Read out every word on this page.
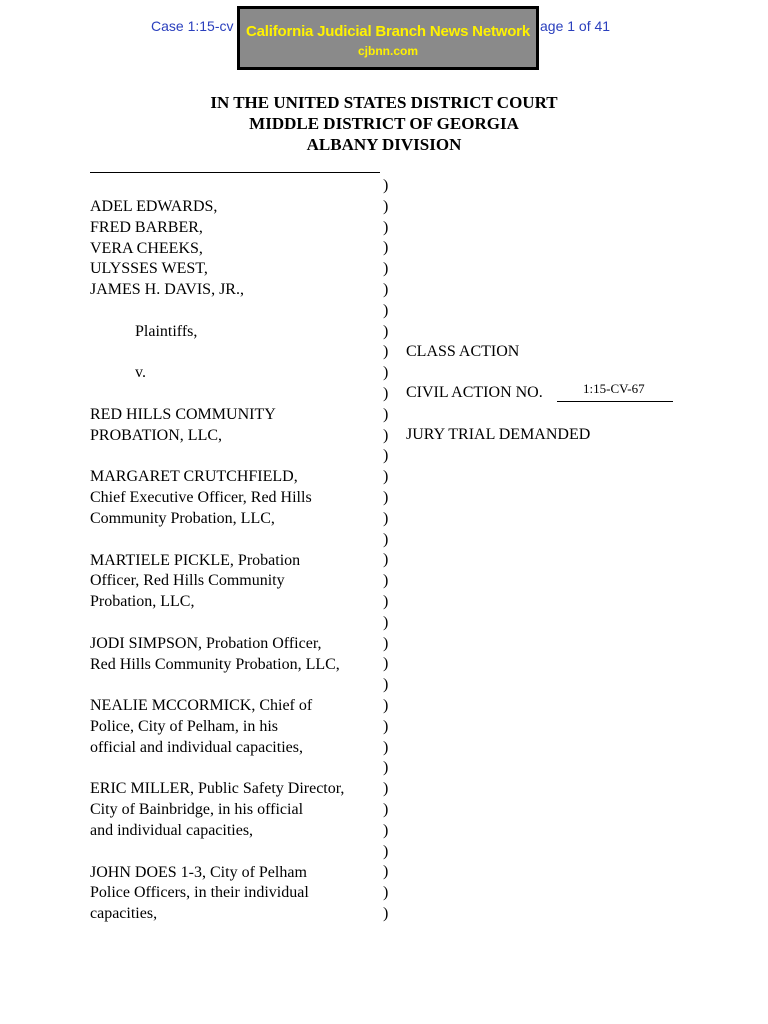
Case 1:15-cv	age 1 of 41
California Judicial Branch News Network
cjbnn.com
IN THE UNITED STATES DISTRICT COURT
MIDDLE DISTRICT OF GEORGIA
ALBANY DIVISION
ADEL EDWARDS,
FRED BARBER,
VERA CHEEKS,
ULYSSES WEST,
JAMES H. DAVIS, JR.,
Plaintiffs,
v.
RED HILLS COMMUNITY
PROBATION, LLC,
MARGARET CRUTCHFIELD,
Chief Executive Officer, Red Hills
Community Probation, LLC,
MARTIELE PICKLE, Probation
Officer, Red Hills Community
Probation, LLC,
JODI SIMPSON, Probation Officer,
Red Hills Community Probation, LLC,
NEALIE MCCORMICK, Chief of
Police, City of Pelham, in his
official and individual capacities,
ERIC MILLER, Public Safety Director,
City of Bainbridge, in his official
and individual capacities,
JOHN DOES 1-3, City of Pelham
Police Officers, in their individual
capacities,
)
)
)
)
)
)
)
)
)
)
)
)
)
)
)
)
)
)
)
)
)
)
)
)
)
)
)
)
)
)
)
)
)
)
)
)
CLASS ACTION
CIVIL ACTION NO.	1:15-CV-67
JURY TRIAL DEMANDED
